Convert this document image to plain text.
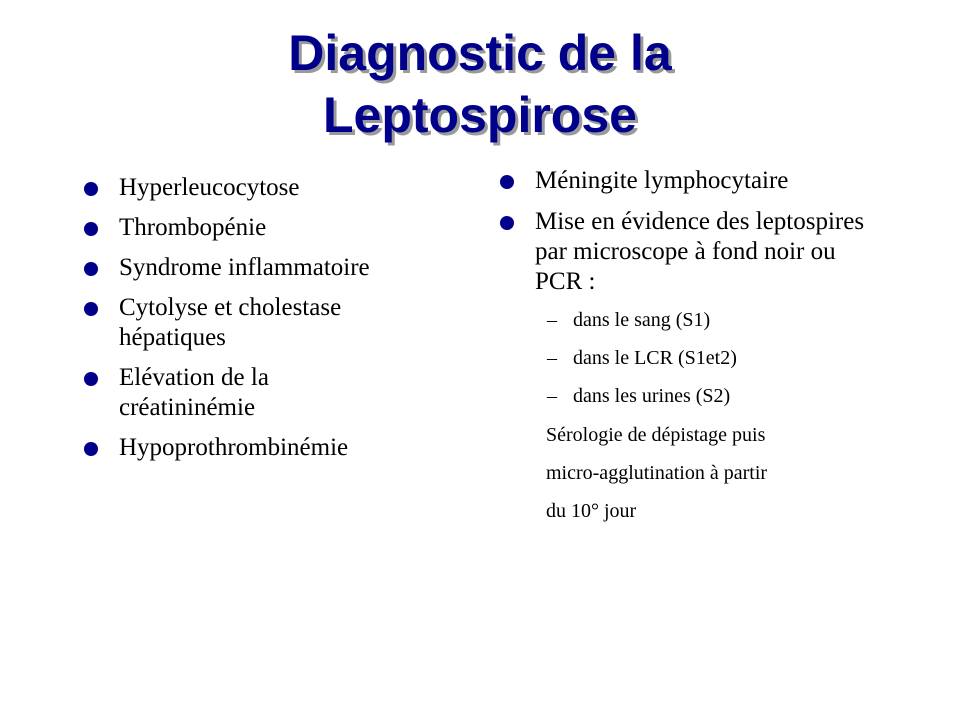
Diagnostic de la
Leptospirose
Hyperleucocytose
Thrombopénie
Syndrome inflammatoire
Cytolyse et cholestase hépatiques
Elévation de la créatininémie
Hypoprothrombinémie
Méningite lymphocytaire
Mise en évidence des leptospires par microscope à fond noir ou PCR :
– dans le sang (S1)
– dans le LCR (S1et2)
– dans les urines (S2)
Sérologie de dépistage puis
micro-agglutination à partir
du 10° jour
